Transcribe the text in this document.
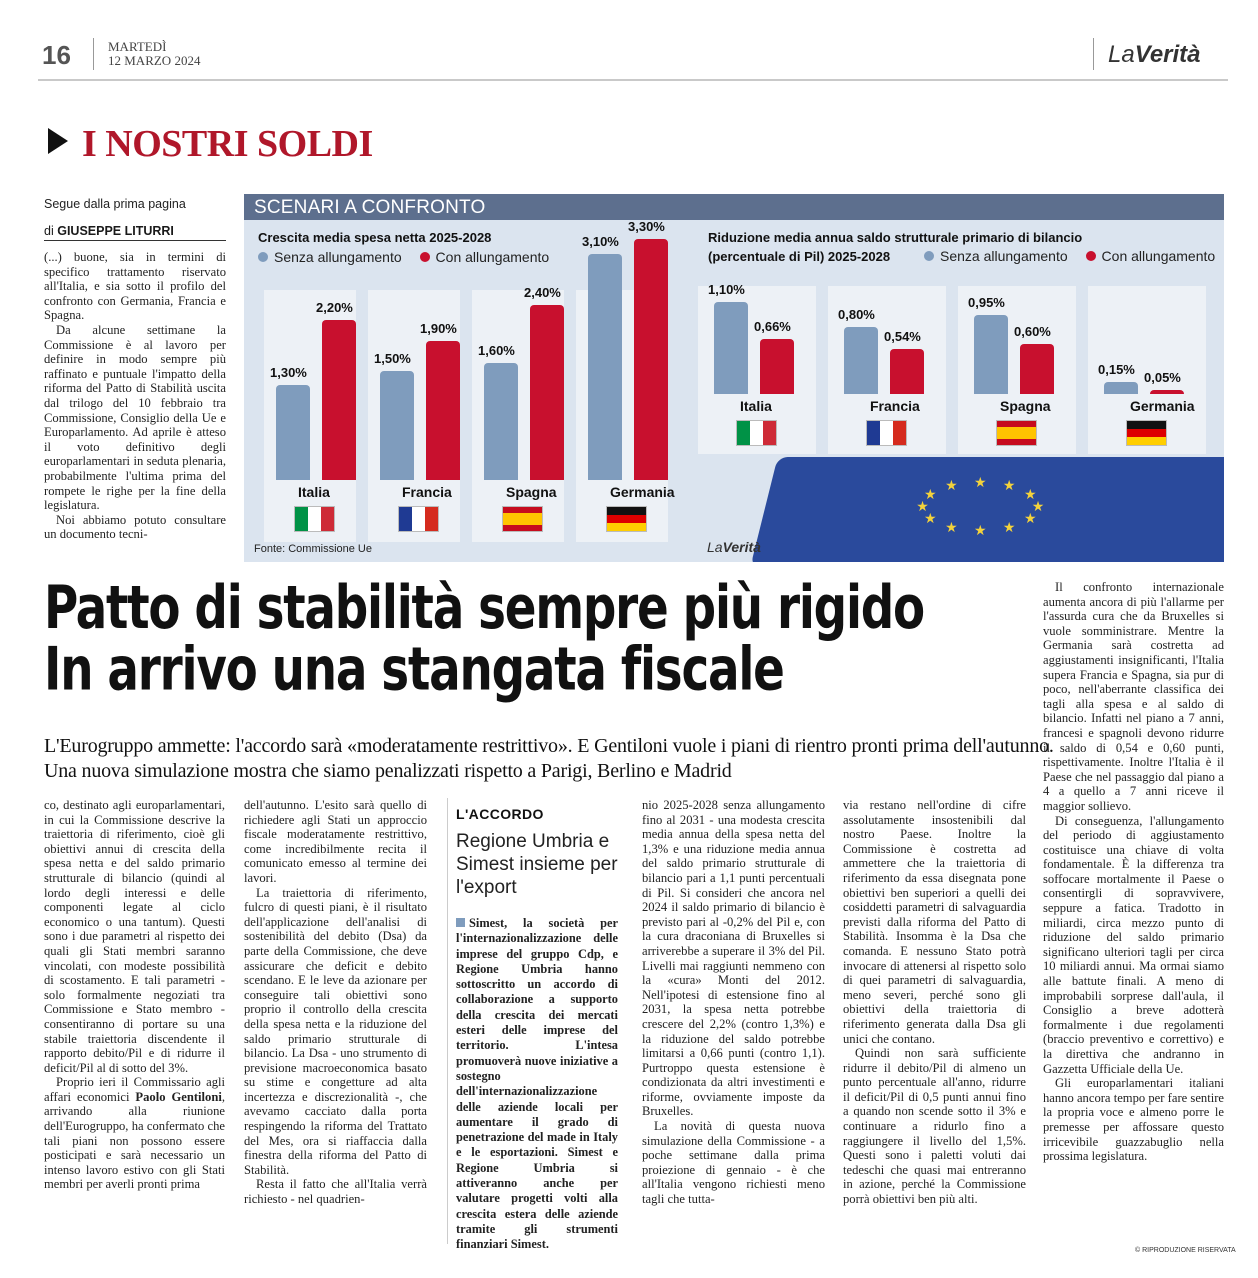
16	MARTEDÌ
12 MARZO 2024	LaVerità
I NOSTRI SOLDI
Segue dalla prima pagina
di GIUSEPPE LITURRI

(...) buone, sia in termini di specifico trattamento riservato all'Italia, e sia sotto il profilo del confronto con Germania, Francia e Spagna.

Da alcune settimane la Commissione è al lavoro per definire in modo sempre più raffinato e puntuale l'impatto della riforma del Patto di Stabilità uscita dal trilogo del 10 febbraio tra Commissione, Consiglio della Ue e Europarlamento. Ad aprile è atteso il voto definitivo degli europarlamentari in seduta plenaria, probabilmente l'ultima prima del rompete le righe per la fine della legislatura.

Noi abbiamo potuto consultare un documento tecni-

SCENARI A CONFRONTO
Crescita media spesa netta 2025-2028
Senza allungamento Con allungamento
Riduzione media annua saldo strutturale primario di bilancio
(percentuale di Pil) 2025-2028	Senza allungamento Con allungamento
Fonte: Commissione Ue	LaVerità
1,30%
2,20%
Italia
1,50%
1,90%
Francia
1,60%
2,40%
Spagna
3,10%
3,30%
Germania
1,10%
0,66%
Italia
0,80%
0,54%
Francia
0,95%
0,60%
Spagna
0,15%
0,05%
Germania
★
★
★
★
★
★
★
★
★ ★ ★
★
Patto di stabilità sempre più rigido
In arrivo una stangata fiscale
L'Eurogruppo ammette: l'accordo sarà «moderatamente restrittivo». E Gentiloni vuole i piani di rientro pronti prima dell'autunno. Una nuova simulazione mostra che siamo penalizzati rispetto a Parigi, Berlino e Madrid

Il confronto internazionale aumenta ancora di più l'allarme per l'assurda cura che da Bruxelles si vuole somministrare. Mentre la Germania sarà costretta ad aggiustamenti insignificanti, l'Italia supera Francia e Spagna, sia pur di poco, nell'aberrante classifica dei tagli alla spesa e al saldo di bilancio. Infatti nel piano a 7 anni, francesi e spagnoli devono ridurre il saldo di 0,54 e 0,60 punti, rispettivamente. Inoltre l'Italia è il Paese che nel passaggio dal piano a 4 a quello a 7 anni riceve il maggior sollievo.

Di conseguenza, l'allungamento del periodo di aggiustamento costituisce una chiave di volta fondamentale. È la differenza tra soffocare mortalmente il Paese o consentirgli di sopravvivere, seppure a fatica. Tradotto in miliardi, circa mezzo punto di riduzione del saldo primario significano ulteriori tagli per circa 10 miliardi annui. Ma ormai siamo alle battute finali. A meno di improbabili sorprese dall'aula, il Consiglio a breve adotterà formalmente i due regolamenti (braccio preventivo e correttivo) e la direttiva che andranno in Gazzetta Ufficiale della Ue.

Gli europarlamentari italiani hanno ancora tempo per fare sentire la propria voce e almeno porre le premesse per affossare questo irricevibile guazzabuglio nella prossima legislatura.

co, destinato agli europarlamentari, in cui la Commissione descrive la traiettoria di riferimento, cioè gli obiettivi annui di crescita della spesa netta e del saldo primario strutturale di bilancio (quindi al lordo degli interessi e delle componenti legate al ciclo economico o una tantum). Questi sono i due parametri al rispetto dei quali gli Stati membri saranno vincolati, con modeste possibilità di scostamento. E tali parametri - solo formalmente negoziati tra Commissione e Stato membro - consentiranno di portare su una stabile traiettoria discendente il rapporto debito/Pil e di ridurre il deficit/Pil al di sotto del 3%.

Proprio ieri il Commissario agli affari economici Paolo Gentiloni, arrivando alla riunione dell'Eurogruppo, ha confermato che tali piani non possono essere posticipati e sarà necessario un intenso lavoro estivo con gli Stati membri per averli pronti prima

dell'autunno. L'esito sarà quello di richiedere agli Stati un approccio fiscale moderatamente restrittivo, come incredibilmente recita il comunicato emesso al termine dei lavori.

La traiettoria di riferimento, fulcro di questi piani, è il risultato dell'applicazione dell'analisi di sostenibilità del debito (Dsa) da parte della Commissione, che deve assicurare che deficit e debito scendano. E le leve da azionare per conseguire tali obiettivi sono proprio il controllo della crescita della spesa netta e la riduzione del saldo primario strutturale di bilancio. La Dsa - uno strumento di previsione macroeconomica basato su stime e congetture ad alta incertezza e discrezionalità -, che avevamo cacciato dalla porta respingendo la riforma del Trattato del Mes, ora si riaffaccia dalla finestra della riforma del Patto di Stabilità.

Resta il fatto che all'Italia verrà richiesto - nel quadrien-

L'ACCORDO
Regione Umbria e Simest insieme per l'export
Simest, la società per l'internazionalizzazione delle imprese del gruppo Cdp, e Regione Umbria hanno sottoscritto un accordo di collaborazione a supporto della crescita dei mercati esteri delle imprese del territorio. L'intesa promuoverà nuove iniziative a sostegno dell'internazionalizzazione delle aziende locali per aumentare il grado di penetrazione del made in Italy e le esportazioni. Simest e Regione Umbria si attiveranno anche per valutare progetti volti alla crescita estera delle aziende tramite gli strumenti finanziari Simest.

nio 2025-2028 senza allungamento fino al 2031 - una modesta crescita media annua della spesa netta del 1,3% e una riduzione media annua del saldo primario strutturale di bilancio pari a 1,1 punti percentuali di Pil. Si consideri che ancora nel 2024 il saldo primario di bilancio è previsto pari al -0,2% del Pil e, con la cura draconiana di Bruxelles si arriverebbe a superare il 3% del Pil. Livelli mai raggiunti nemmeno con la «cura» Monti del 2012. Nell'ipotesi di estensione fino al 2031, la spesa netta potrebbe crescere del 2,2% (contro 1,3%) e la riduzione del saldo potrebbe limitarsi a 0,66 punti (contro 1,1). Purtroppo questa estensione è condizionata da altri investimenti e riforme, ovviamente imposte da Bruxelles.

La novità di questa nuova simulazione della Commissione - a poche settimane dalla prima proiezione di gennaio - è che all'Italia vengono richiesti meno tagli che tutta-

via restano nell'ordine di cifre assolutamente insostenibili dal nostro Paese. Inoltre la Commissione è costretta ad ammettere che la traiettoria di riferimento da essa disegnata pone obiettivi ben superiori a quelli dei cosiddetti parametri di salvaguardia previsti dalla riforma del Patto di Stabilità. Insomma è la Dsa che comanda. E nessuno Stato potrà invocare di attenersi al rispetto solo di quei parametri di salvaguardia, meno severi, perché sono gli obiettivi della traiettoria di riferimento generata dalla Dsa gli unici che contano.

Quindi non sarà sufficiente ridurre il debito/Pil di almeno un punto percentuale all'anno, ridurre il deficit/Pil di 0,5 punti annui fino a quando non scende sotto il 3% e continuare a ridurlo fino a raggiungere il livello del 1,5%. Questi sono i paletti voluti dai tedeschi che quasi mai entreranno in azione, perché la Commissione porrà obiettivi ben più alti.

© RIPRODUZIONE RISERVATA
